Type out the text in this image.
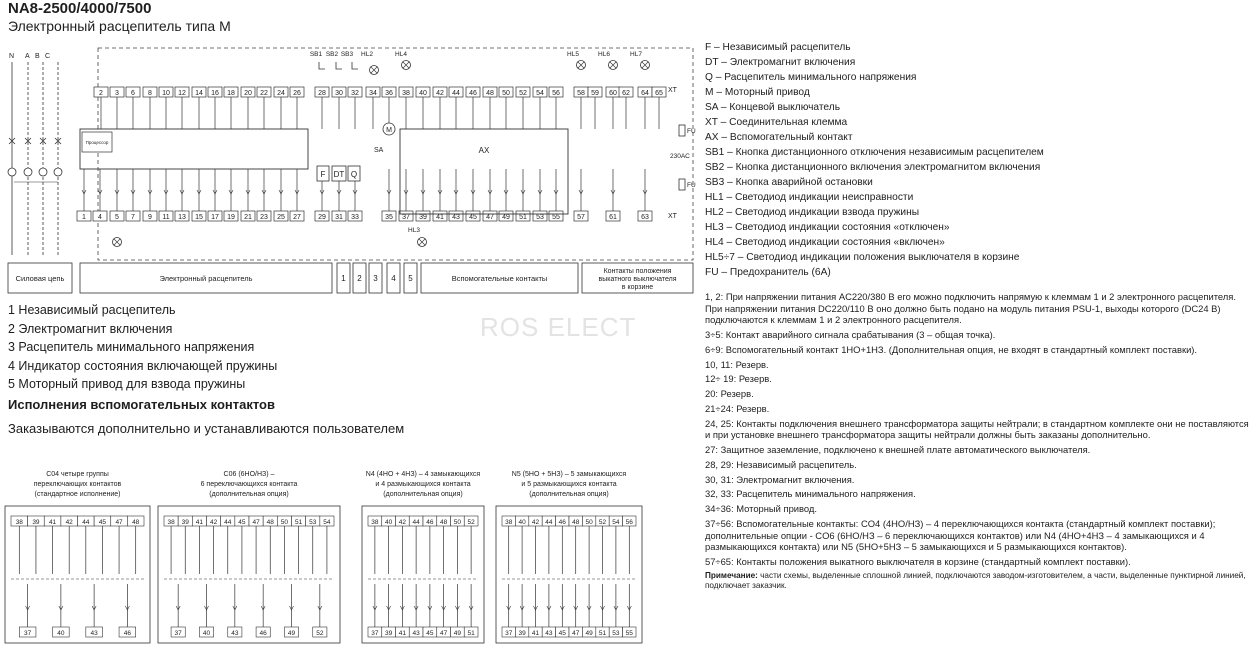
NA8-2500/4000/7500
Электронный расцепитель типа М
ROS ELECT
N A B C
2 3 6 8 10 12 14 16 18 20 22 24 26 28 30 32 34 36 38 40 42 44 46 48 50 52 54 56 58 59 60 62 64 65
1 4 5 7 9 11 13 15 17 19 21 23 25 27 29 31 33	35 37 39 41 43 45 47 49 51 53 55 57	61	63
Процессор
AX
F DT Q
M
SA
FU
230AC
FU
XT
XT
SB1 SB2 SB3 HL2	HL4	HL5	HL6	HL7
HL3
Силовая цепь	Электронный расцепитель	1 2 3 4 5	Вспомогательные контакты
Контакты положения
выкатного выключателя
в корзине
1 Независимый расцепитель
2 Электромагнит включения
3 Расцепитель минимального напряжения
4 Индикатор состояния включающей пружины
5 Моторный привод для взвода пружины
Исполнения вспомогательных контактов
Заказываются дополнительно и устанавливаются пользователем
C04 четыре группы
переключающих контактов
(стандартное исполнение)
38 39 41 42 44 45 47 48
37	40	43	46
C06 (6НО/НЗ) –
6 переключающихся контакта
(дополнительная опция)
38 39 41 42 44 45 47 48 50 51 53 54
37	40	43	46	49	52
N4 (4НО + 4НЗ) – 4 замыкающихся
и 4 размыкающихся контакта
(дополнительная опция)
38 40 42 44 46 48 50 52
37 39 41 43 45 47 49 51
N5 (5НО + 5НЗ) – 5 замыкающихся
и 5 размыкающихся контакта
(дополнительная опция)
38 40 42 44 46 48 50 52 54 56
37 39 41 43 45 47 49 51 53 55
F – Независимый расцепитель
DT – Электромагнит включения
Q – Расцепитель минимального напряжения
M – Моторный привод
SA – Концевой выключатель
XT – Соединительная клемма
AX – Вспомогательный контакт
SB1 – Кнопка дистанционного отключения независимым расцепителем
SB2 – Кнопка дистанционного включения электромагнитом включения
SB3 – Кнопка аварийной остановки
HL1 – Светодиод индикации неисправности
HL2 – Светодиод индикации взвода пружины
HL3 – Светодиод индикации состояния «отключен»
HL4 – Светодиод индикации состояния «включен»
HL5÷7 – Светодиод индикации положения выключателя в корзине
FU – Предохранитель (6А)

1, 2: При напряжении питания AC220/380 В его можно подключить напрямую к клеммам 1 и 2 электронного расцепителя. При напряжении питания DC220/110 В оно должно быть подано на модуль питания PSU-1, выходы которого (DC24 В) подключаются к клеммам 1 и 2 электронного расцепителя.

3÷5: Контакт аварийного сигнала срабатывания (3 – общая точка).

6÷9: Вспомогательный контакт 1НО+1НЗ. (Дополнительная опция, не входят в стандартный комплект поставки).

10, 11: Резерв.

12÷ 19: Резерв.

20: Резерв.

21÷24: Резерв.

24, 25: Контакты подключения внешнего трансформатора защиты нейтрали; в стандартном комплекте они не поставляются и при установке внешнего трансформатора защиты нейтрали должны быть заказаны дополнительно.

27: Защитное заземление, подключено к внешней плате автоматического выключателя.

28, 29: Независимый расцепитель.

30, 31: Электромагнит включения.

32, 33: Расцепитель минимального напряжения.

34÷36: Моторный привод.

37÷56: Вспомогательные контакты: CO4 (4НО/НЗ) – 4 переключающихся контакта (стандартный комплект поставки); дополнительные опции - CO6 (6НО/НЗ – 6 переключающихся контактов) или N4 (4НО+4НЗ – 4 замыкающихся и 4 размыкающихся контакта) или N5 (5НО+5НЗ – 5 замыкающихся и 5 размыкающихся контактов).

57÷65: Контакты положения выкатного выключателя в корзине (стандартный комплект поставки).

Примечание: части схемы, выделенные сплошной линией, подключаются заводом-изготовителем, а части, выделенные пунктирной линией, подключает заказчик.
